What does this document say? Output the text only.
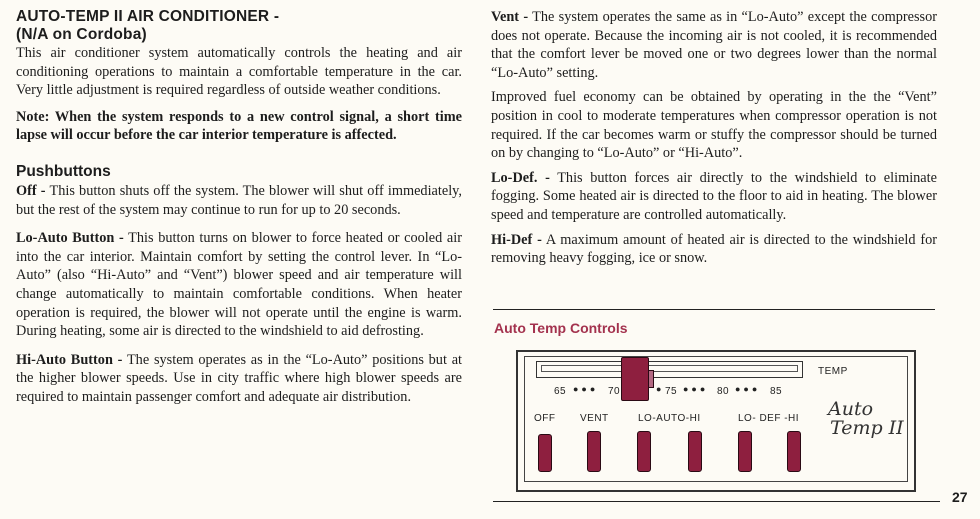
AUTO-TEMP II AIR CONDITIONER -
(N/A on Cordoba)

This air conditioner system automatically controls the heating and air conditioning operations to maintain a comfortable temperature in the car. Very little adjustment is required regardless of outside weather conditions.

Note: When the system responds to a new control signal, a short time lapse will occur before the car interior temperature is affected.

Pushbuttons

Off - This button shuts off the system. The blower will shut off immediately, but the rest of the system may continue to run for up to 20 seconds.

Lo-Auto Button - This button turns on blower to force heated or cooled air into the car interior. Maintain comfort by setting the control lever. In “Lo-Auto” (also “Hi-Auto” and “Vent”) blower speed and air temperature will change automatically to maintain comfortable conditions. When heater operation is required, the blower will not operate until the engine is warm. During heating, some air is directed to the windshield to aid defrosting.

Hi-Auto Button - The system operates as in the “Lo-Auto” positions but at the higher blower speeds. Use in city traffic where high blower speeds are required to maintain passenger comfort and adequate air distribution.

Vent - The system operates the same as in “Lo-Auto” except the compressor does not operate. Because the incoming air is not cooled, it is recommended that the comfort lever be moved one or two degrees lower than the normal “Lo-Auto” setting.

Improved fuel economy can be obtained by operating in the the “Vent” position in cool to moderate temperatures when compressor operation is not required. If the car becomes warm or stuffy the compressor should be turned on by changing to “Lo-Auto” or “Hi-Auto”.

Lo-Def. - This button forces air directly to the windshield to eliminate fogging. Some heated air is directed to the floor to aid in heating. The blower speed and temperature are controlled automatically.

Hi-Def - A maximum amount of heated air is directed to the windshield for removing heavy fogging, ice or snow.

Auto Temp Controls
TEMP
65 ●●● 70	● 75 ●●● 80 ●●● 85
OFF VENT	LO-AUTO-HI	LO- DEF -HI Auto
Temp II
27
